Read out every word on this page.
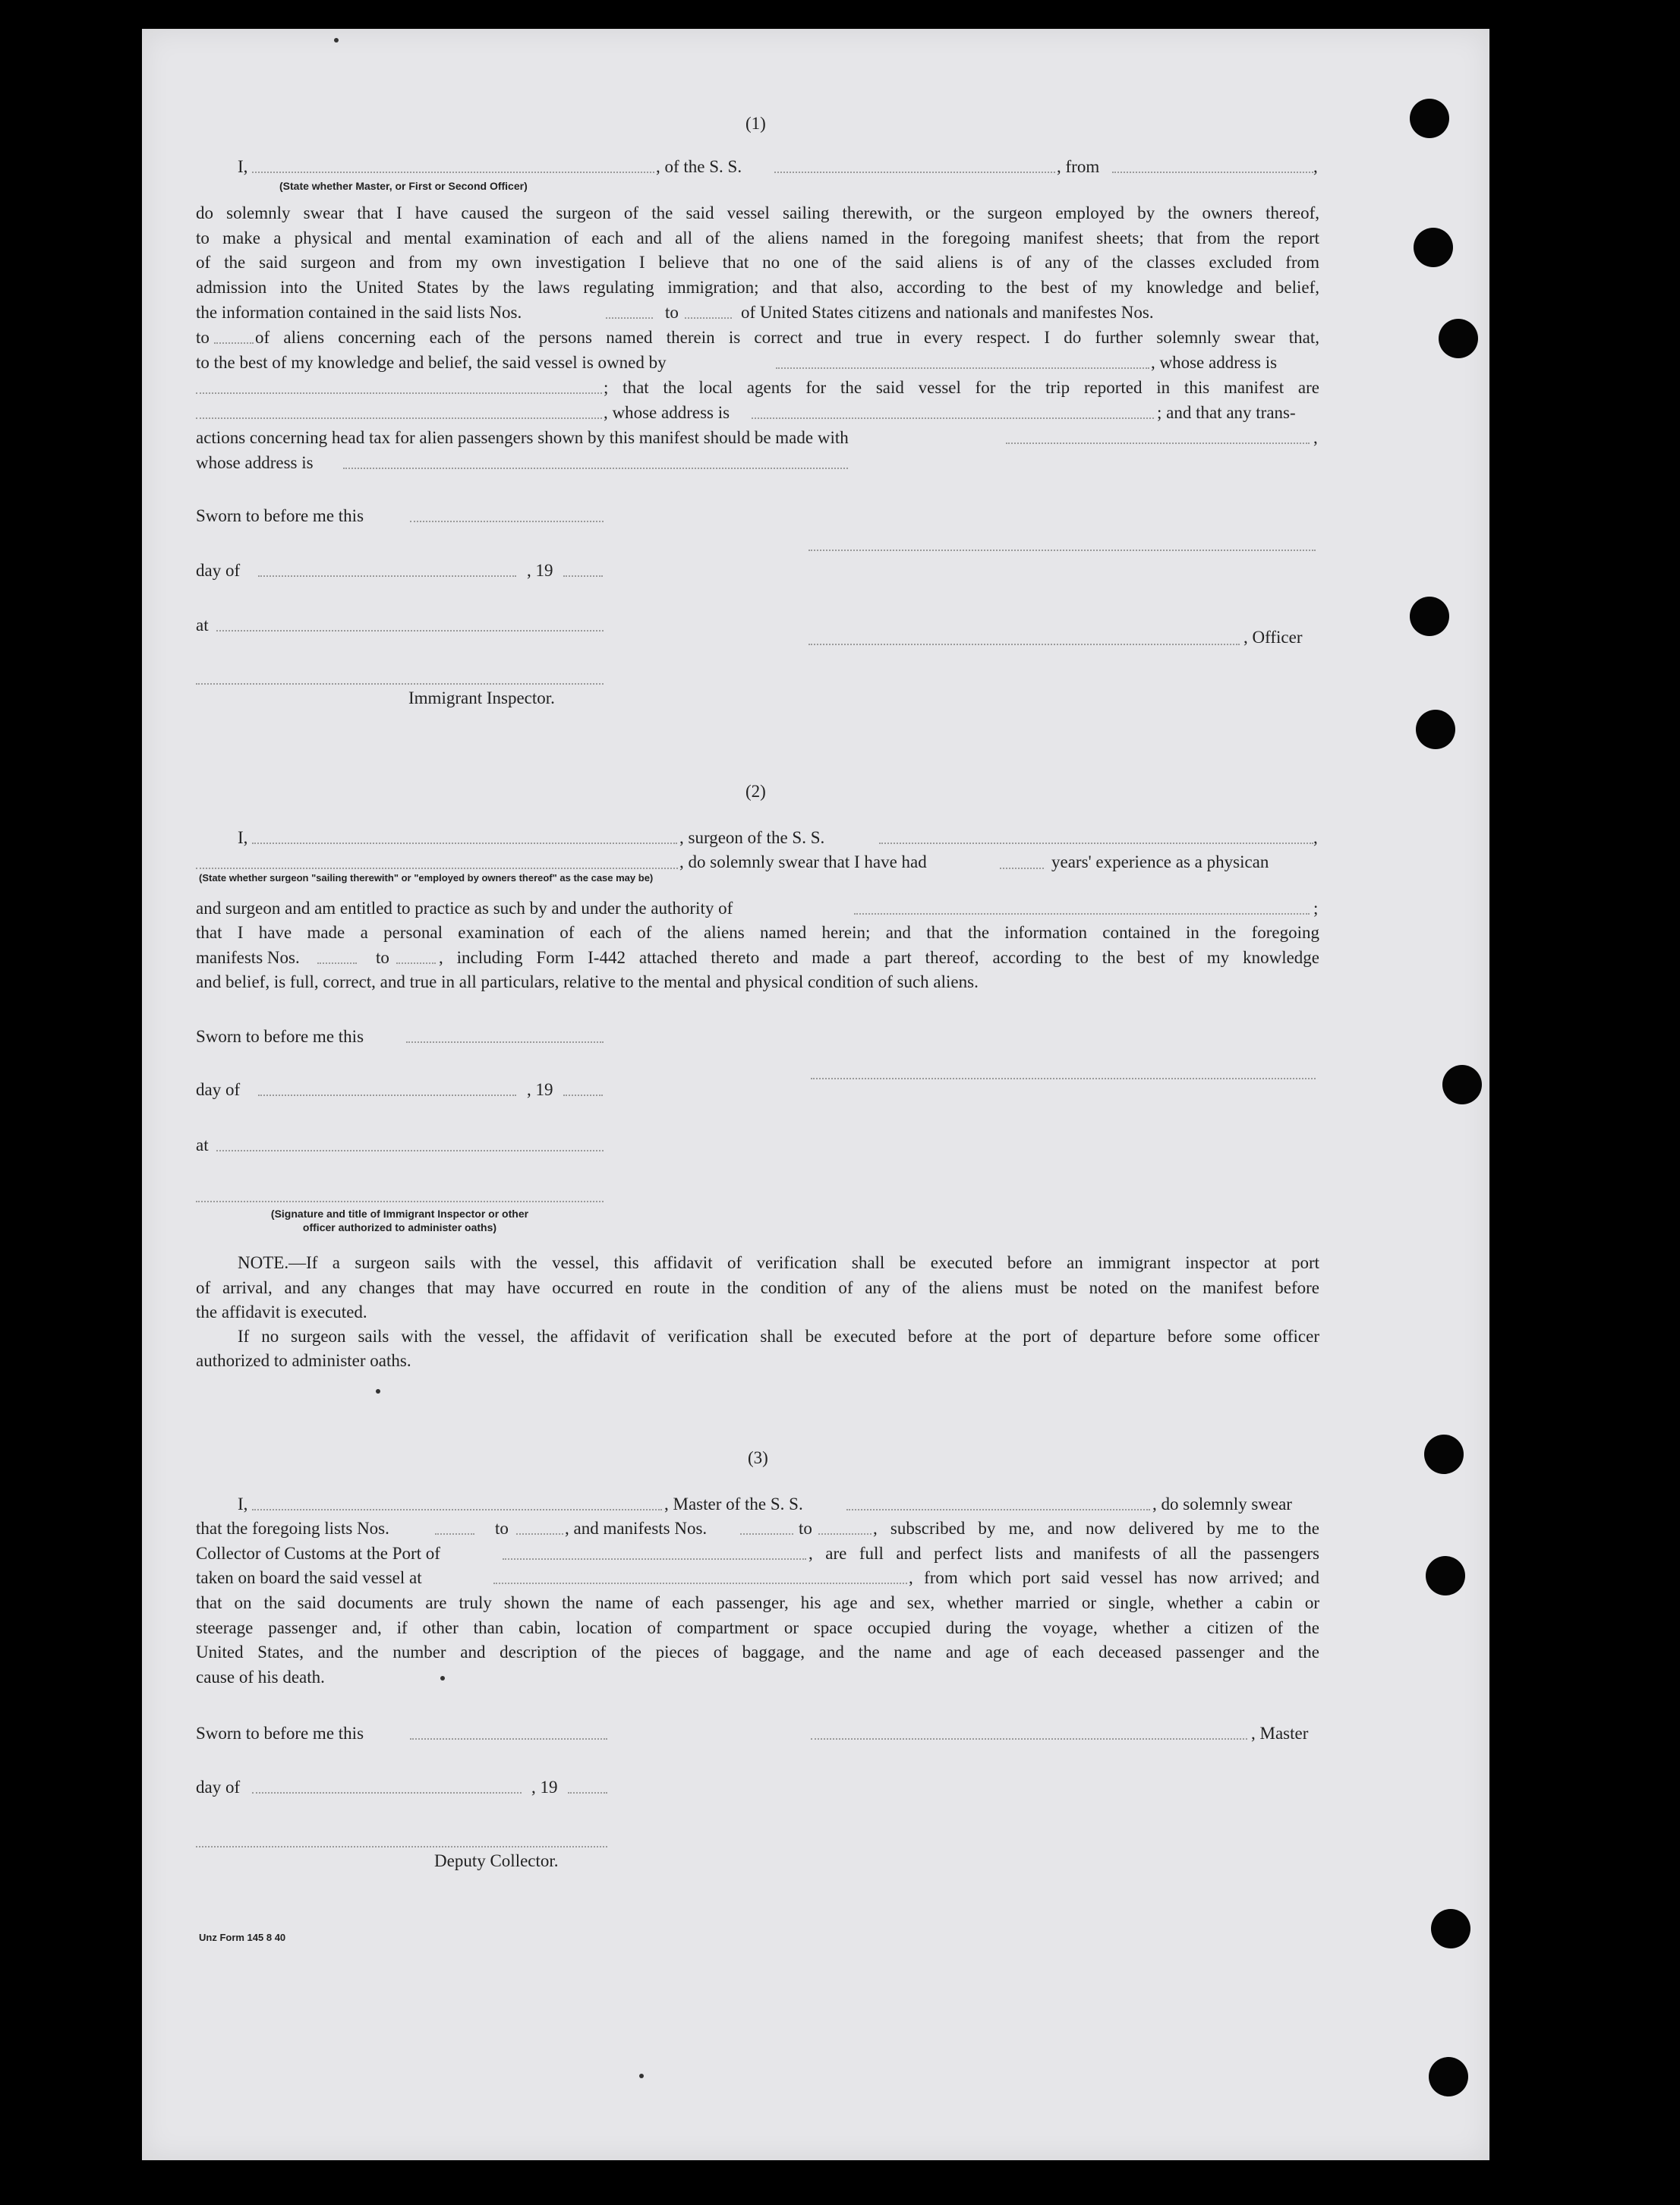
(1)
I,	, of the S. S.	, from	,
(State whether Master, or First or Second Officer)
do solemnly swear that I have caused the surgeon of the said vessel sailing therewith, or the surgeon employed by the owners thereof,
to make a physical and mental examination of each and all of the aliens named in the foregoing manifest sheets; that from the report
of the said surgeon and from my own investigation I believe that no one of the said aliens is of any of the classes excluded from
admission into the United States by the laws regulating immigration; and that also, according to the best of my knowledge and belief,
the information contained in the said lists Nos.	to	of United States citizens and nationals and manifestes Nos.
to	of aliens concerning each of the persons named therein is correct and true in every respect. I do further solemnly swear that,
to the best of my knowledge and belief, the said vessel is owned by	, whose address is
; that the local agents for the said vessel for the trip reported in this manifest are
, whose address is	; and that any trans-
actions concerning head tax for alien passengers shown by this manifest should be made with	,
whose address is
Sworn to before me this
day of	, 19
at
, Officer
Immigrant Inspector.
(2)
I,	, surgeon of the S. S.	,
, do solemnly swear that I have had	years' experience as a physican
(State whether surgeon "sailing therewith" or "employed by owners thereof" as the case may be)
and surgeon and am entitled to practice as such by and under the authority of	;
that I have made a personal examination of each of the aliens named herein; and that the information contained in the foregoing
manifests Nos.	to	, including Form I-442 attached thereto and made a part thereof, according to the best of my knowledge
and belief, is full, correct, and true in all particulars, relative to the mental and physical condition of such aliens.
Sworn to before me this
day of	, 19
at
(Signature and title of Immigrant Inspector or other
officer authorized to administer oaths)
NOTE.—If a surgeon sails with the vessel, this affidavit of verification shall be executed before an immigrant inspector at port
of arrival, and any changes that may have occurred en route in the condition of any of the aliens must be noted on the manifest before
the affidavit is executed.
If no surgeon sails with the vessel, the affidavit of verification shall be executed before at the port of departure before some officer
authorized to administer oaths.
(3)
I,	, Master of the S. S.	, do solemnly swear
that the foregoing lists Nos.	to	, and manifests Nos.	to	, subscribed by me, and now delivered by me to the
Collector of Customs at the Port of	, are full and perfect lists and manifests of all the passengers
taken on board the said vessel at	, from which port said vessel has now arrived; and
that on the said documents are truly shown the name of each passenger, his age and sex, whether married or single, whether a cabin or
steerage passenger and, if other than cabin, location of compartment or space occupied during the voyage, whether a citizen of the
United States, and the number and description of the pieces of baggage, and the name and age of each deceased passenger and the
cause of his death.
Sworn to before me this	, Master
day of	, 19
Deputy Collector.
Unz Form 145 8 40
